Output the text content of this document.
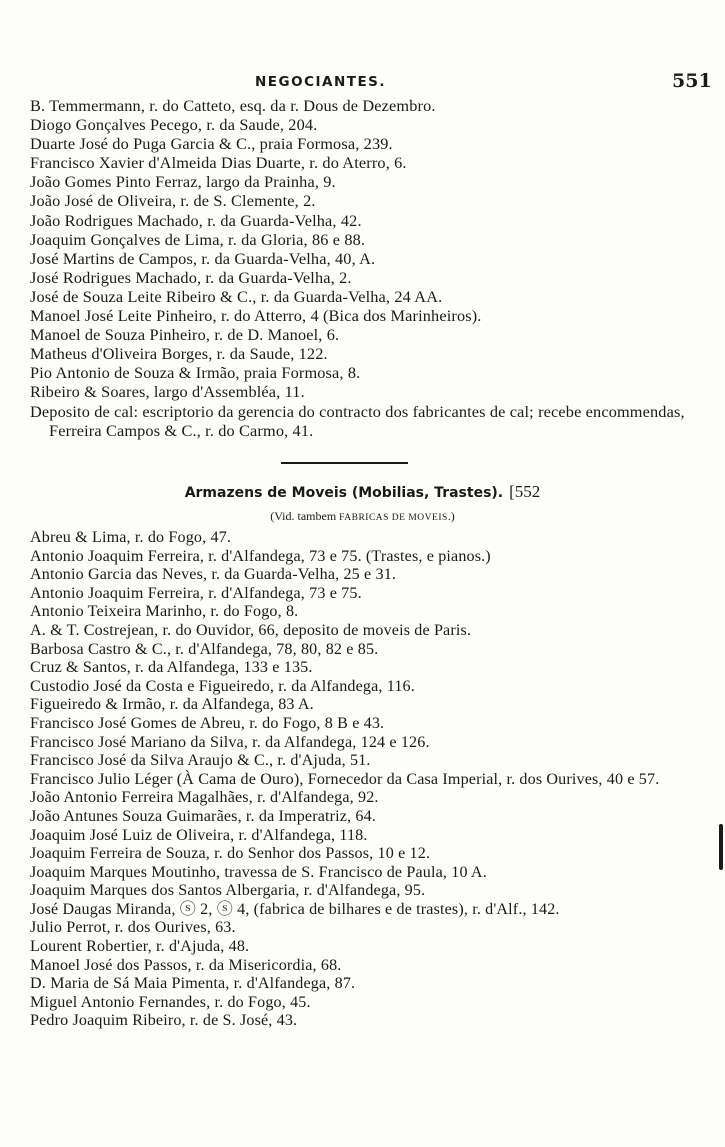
NEGOCIANTES.	551
B. Temmermann, r. do Catteto, esq. da r. Dous de Dezembro.
Diogo Gonçalves Pecego, r. da Saude, 204.
Duarte José do Puga Garcia & C., praia Formosa, 239.
Francisco Xavier d'Almeida Dias Duarte, r. do Aterro, 6.
João Gomes Pinto Ferraz, largo da Prainha, 9.
João José de Oliveira, r. de S. Clemente, 2.
João Rodrigues Machado, r. da Guarda-Velha, 42.
Joaquim Gonçalves de Lima, r. da Gloria, 86 e 88.
José Martins de Campos, r. da Guarda-Velha, 40, A.
José Rodrigues Machado, r. da Guarda-Velha, 2.
José de Souza Leite Ribeiro & C., r. da Guarda-Velha, 24 AA.
Manoel José Leite Pinheiro, r. do Atterro, 4 (Bica dos Marinheiros).
Manoel de Souza Pinheiro, r. de D. Manoel, 6.
Matheus d'Oliveira Borges, r. da Saude, 122.
Pio Antonio de Souza & Irmão, praia Formosa, 8.
Ribeiro & Soares, largo d'Assembléa, 11.
Deposito de cal: escriptorio da gerencia do contracto dos fabricantes de cal; recebe encommendas, Ferreira Campos & C., r. do Carmo, 41.
Armazens de Moveis (Mobilias, Trastes). [552
(Vid. tambem FABRICAS DE MOVEIS.)
Abreu & Lima, r. do Fogo, 47.
Antonio Joaquim Ferreira, r. d'Alfandega, 73 e 75. (Trastes, e pianos.)
Antonio Garcia das Neves, r. da Guarda-Velha, 25 e 31.
Antonio Joaquim Ferreira, r. d'Alfandega, 73 e 75.
Antonio Teixeira Marinho, r. do Fogo, 8.
A. & T. Costrejean, r. do Ouvidor, 66, deposito de moveis de Paris.
Barbosa Castro & C., r. d'Alfandega, 78, 80, 82 e 85.
Cruz & Santos, r. da Alfandega, 133 e 135.
Custodio José da Costa e Figueiredo, r. da Alfandega, 116.
Figueiredo & Irmão, r. da Alfandega, 83 A.
Francisco José Gomes de Abreu, r. do Fogo, 8 B e 43.
Francisco José Mariano da Silva, r. da Alfandega, 124 e 126.
Francisco José da Silva Araujo & C., r. d'Ajuda, 51.
Francisco Julio Léger (À Cama de Ouro), Fornecedor da Casa Imperial, r. dos Ourives, 40 e 57.
João Antonio Ferreira Magalhães, r. d'Alfandega, 92.
João Antunes Souza Guimarães, r. da Imperatriz, 64.
Joaquim José Luiz de Oliveira, r. d'Alfandega, 118.
Joaquim Ferreira de Souza, r. do Senhor dos Passos, 10 e 12.
Joaquim Marques Moutinho, travessa de S. Francisco de Paula, 10 A.
Joaquim Marques dos Santos Albergaria, r. d'Alfandega, 95.
José Daugas Miranda, ⓢ 2, ⓢ 4, (fabrica de bilhares e de trastes), r. d'Alf., 142.
Julio Perrot, r. dos Ourives, 63.
Lourent Robertier, r. d'Ajuda, 48.
Manoel José dos Passos, r. da Misericordia, 68.
D. Maria de Sá Maia Pimenta, r. d'Alfandega, 87.
Miguel Antonio Fernandes, r. do Fogo, 45.
Pedro Joaquim Ribeiro, r. de S. José, 43.
